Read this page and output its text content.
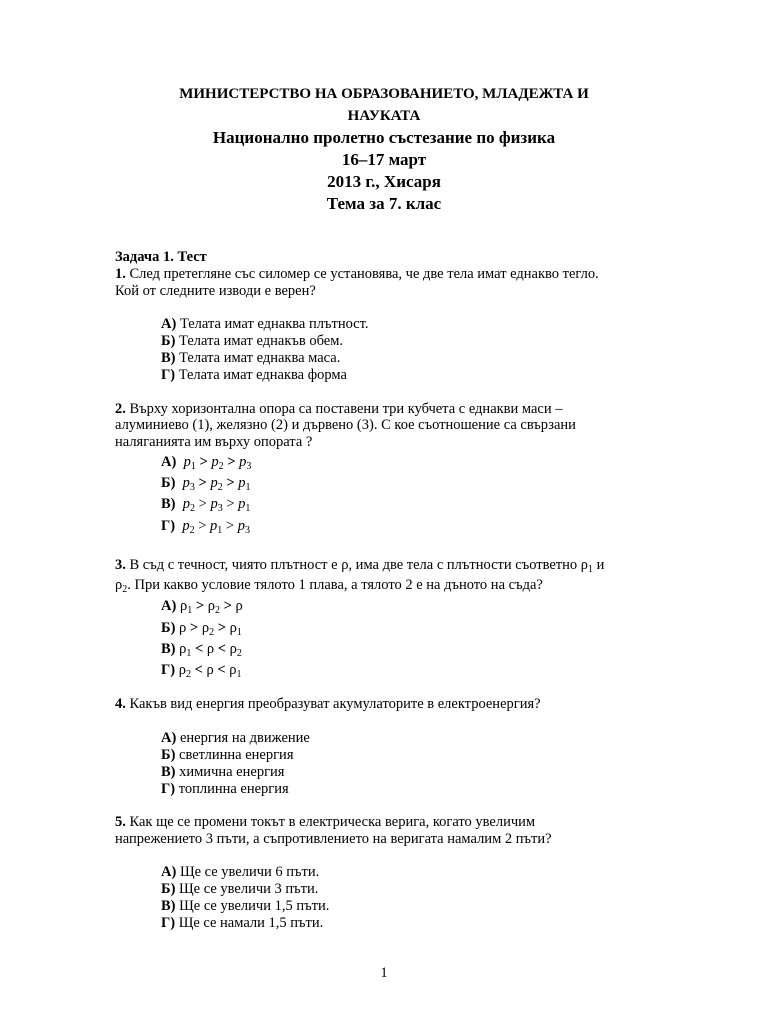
МИНИСТЕРСТВО НА ОБРАЗОВАНИЕТО, МЛАДЕЖТА И
НАУКАТА
Национално пролетно състезание по физика
16–17 март
2013 г., Хисаря
Тема за 7. клас
Задача 1. Тест
1. След претегляне със силомер се установява, че две тела имат еднакво тегло.
Кой от следните изводи е верен?
А) Телата имат еднаква плътност.
Б) Телата имат еднакъв обем.
В) Телата имат еднаква маса.
Г) Телата имат еднаква форма
2. Върху хоризонтална опора са поставени три кубчета с еднакви маси –
алуминиево (1), желязно (2) и дървено (3). С кое съотношение са свързани
наляганията им върху опората ?
А) $p_1 > p_2 > p_3$
Б) $p_3 > p_2 > p_1$
В) $p_2 > p_3 > p_1$
Г) $p_2 > p_1 > p_3$
3. В съд с течност, чиято плътност е ρ, има две тела с плътности съответно $\rho_1$ и
$\rho_2$. При какво условие тялото 1 плава, а тялото 2 е на дъното на съда?
А) $\rho_1 > \rho_2 > \rho$
Б) $\rho > \rho_2 > \rho_1$
В) $\rho_1 < \rho < \rho_2$
Г) $\rho_2 < \rho < \rho_1$
4. Какъв вид енергия преобразуват акумулаторите в електроенергия?
А) енергия на движение
Б) светлинна енергия
В) химична енергия
Г) топлинна енергия
5. Как ще се промени токът в електрическа верига, когато увеличим
напрежението 3 пъти, а съпротивлението на веригата намалим 2 пъти?
А) Ще се увеличи 6 пъти.
Б) Ще се увеличи 3 пъти.
В) Ще се увеличи 1,5 пъти.
Г) Ще се намали 1,5 пъти.
1
